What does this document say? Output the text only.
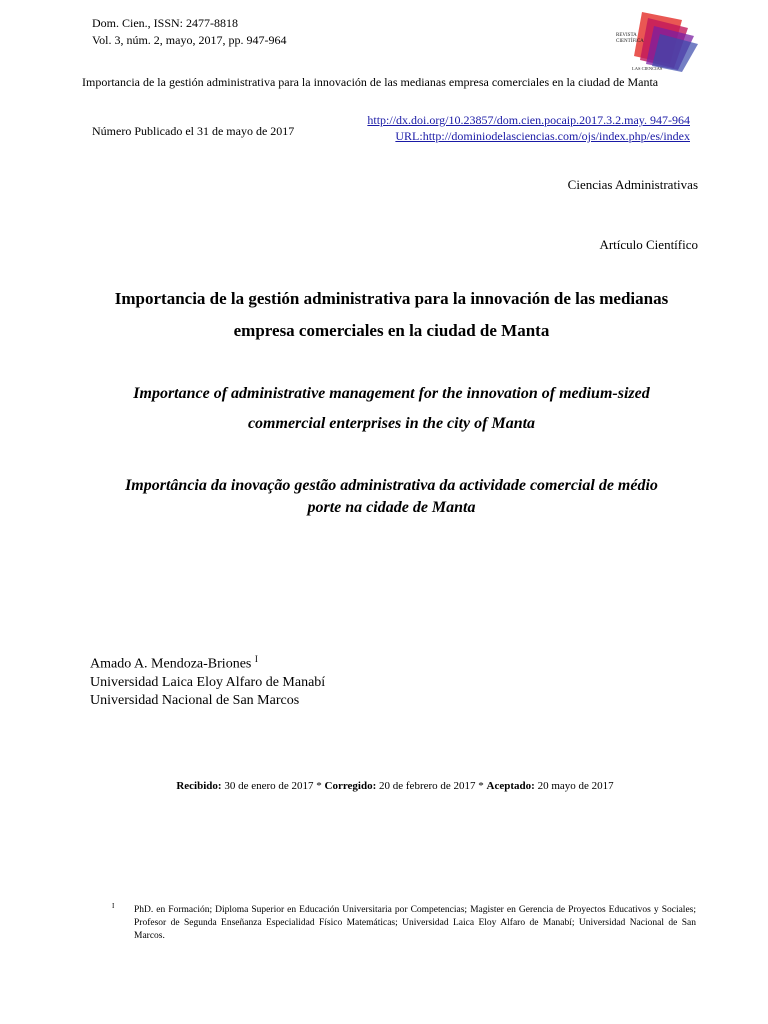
Dom. Cien., ISSN: 2477-8818
Vol. 3, núm. 2, mayo, 2017, pp. 947-964	REVISTA
CIENTÍFICA
LAS CIENCIAS
Importancia de la gestión administrativa para la innovación de las medianas empresa comerciales en la ciudad de Manta
Número Publicado el 31 de mayo de 2017
http://dx.doi.org/10.23857/dom.cien.pocaip.2017.3.2.may. 947-964
URL:http://dominiodelasciencias.com/ojs/index.php/es/index
Ciencias Administrativas
Artículo Científico
Importancia de la gestión administrativa para la innovación de las medianas
empresa comerciales en la ciudad de Manta
Importance of administrative management for the innovation of medium-sized
commercial enterprises in the city of Manta
Importância da inovação gestão administrativa da actividade comercial de médio
porte na cidade de Manta
Amado A. Mendoza-Briones $^I$
Universidad Laica Eloy Alfaro de Manabí
Universidad Nacional de San Marcos
Recibido: 30 de enero de 2017 * Corregido: 20 de febrero de 2017 * Aceptado: 20 mayo de 2017
I PhD. en Formación; Diploma Superior en Educación Universitaria por Competencias; Magister en Gerencia de Proyectos Educativos y Sociales; Profesor de Segunda Enseñanza Especialidad Físico Matemáticas; Universidad Laica Eloy Alfaro de Manabí; Universidad Nacional de San Marcos.
